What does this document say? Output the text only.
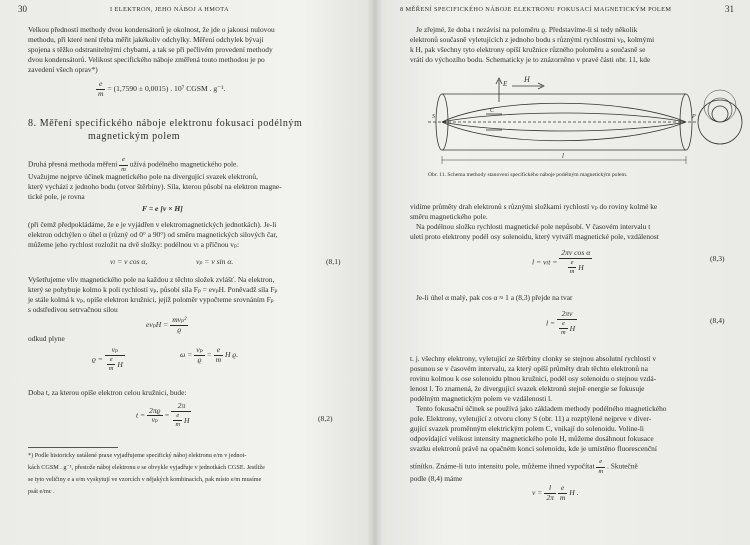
30	I ELEKTRON, JEHO NÁBOJ A HMOTA
Velkou předností methody dvou kondensátorů je okolnost, že jde o jakousi nulovou
methodu, při které není třeba měřit jakékoliv odchylky. Měření odchylek bývají
spojena s těžko odstranitelnými chybami, a tak se při pečlivém provedení methody
dvou kondensátorů. Velikost specifického náboje změřená touto methodou je po
zavedení všech oprav*)
$\frac{e}{m} = (1,7590 \pm 0,0015)$ . 10⁷ CGSM . g⁻¹.
8. Měření specifického náboje elektronu fokusací podélným
magnetickým polem
Druhá přesná methoda měření $\frac{e}{m}$ užívá podélného magnetického pole.
Uvažujme nejprve účinek magnetického pole na divergující svazek elektronů,
který vychází z jednoho bodu (otvor štěrbiny). Síla, kterou působí na elektron magne-
tické pole, je rovna
F = e [v × H]
(při čemž předpokládáme, že e je vyjádřen v elektromagnetických jednotkách). Je-li
elektron odchýlen o úhel α (různý od 0° a 90°) od směru magnetických silových čar,
můžeme jeho rychlost rozložit na dvě složky: podélnou vₗ a příčnou vₚ:
vₗ = v cos α,	vₚ = v sin α.	(8,1)
Vyšetřujeme vliv magnetického pole na každou z těchto složek zvlášť. Na elektron,
který se pohybuje kolmo k poli rychlostí vₚ, působí síla Fₚ = evₚH. Poněvadž síla Fₚ
je stále kolmá k vₚ, opíše elektron kružnici, jejíž poloměr vypočteme srovnáním Fₚ
s odstředivou setrvačnou silou
$ev_pH = \frac{\text{mvₚ²}}{ϱ}$
odkud plyne
$ϱ = \frac{\text{vₚ}}{\frac{e}{m} H}$	$\omega = \frac{\text{vₚ}}{ϱ} = \frac{e}{m}$ H ϱ.
Doba t, za kterou opíše elektron celou kružnici, bude:
$t = \frac{2\pi ϱ}{\text{vₚ}} = \frac{2\pi}{\frac{e}{m} H}$	(8,2)
*) Podle historicky ustálené praxe vyjadřujeme specifický náboj elektronu e/m v jednot-
kách CGSM . g⁻¹, přestože náboj elektronu e se obvykle vyjadřuje v jednotkách CGSE. Jestliže
se tyto veličiny e a e/m vyskytují ve vzorcích v nějakých kombinacích, pak místo e/m musíme
psát e/mc .
8 MĚŘENÍ SPECIFICKÉHO NÁBOJE ELEKTRONU FOKUSACÍ MAGNETICKÝM POLEM	31
Je zřejmé, že doba t nezávisí na poloměru ϱ. Představíme-li si tedy několik
elektronů současně vyletujících z jednoho bodu s různými rychlostmi vₚ, kolmými
k H, pak všechny tyto elektrony opíší kružnice různého poloměru a současně se
vrátí do výchozího bodu. Schematicky je to znázorněno v pravé části obr. 11, kde
H
E
S
C
P
l
Obr. 11. Schema methody stanovení specifického náboje podélným magnetickým polem.
vidíme průměty drah elektronů s různými složkami rychlostí vₚ do roviny kolmé ke
směru magnetického pole.
Na podélnou složku rychlosti magnetické pole nepůsobí. V časovém intervalu t
uletí proto elektrony podél osy solenoidu, který vytváří magnetické pole, vzdálenost
$l = v_lt = \frac{\text{2πv cos α}}{\frac{e}{m} H}$	(8,3)
Je-li úhel α malý, pak cos α ≈ 1 a (8,3) přejde na tvar
$l = \frac{2\pi v}{\frac{e}{m} H}$	(8,4)
t. j. všechny elektrony, vyletující ze štěrbiny clonky se stejnou absolutní rychlostí v
posunou se v časovém intervalu, za který opíší průměty drah těchto elektronů na
rovinu kolmou k ose solenoidu plnou kružnici, podél osy solenoidu o stejnou vzdá-
lenost l. To znamená, že divergující svazek elektronů stejně energie se fokusuje
podélným magnetickým polem ve vzdálenosti l.
Tento fokusační účinek se používá jako základem methody podélného magnetického
pole. Elektrony, vyletující z otvoru clony S (obr. 11) a rozptýlené nejprve v diver-
gující svazek proměnným elektrickým polem C, vnikají do solenoidu. Voline-li
odpovídající velikost intensity magnetického pole H, můžeme dosáhnout fokusace
svazku elektronů právě na opačném konci solenoidu, kde je umístěno fluorescenční
stínítko. Známe-li tuto intensitu pole, můžeme ihned vypočítat $\frac{e}{m}$ . Skutečně
podle (8,4) máme
$v = \frac{l}{2\pi}$
$\frac{e}{m}$ H .
